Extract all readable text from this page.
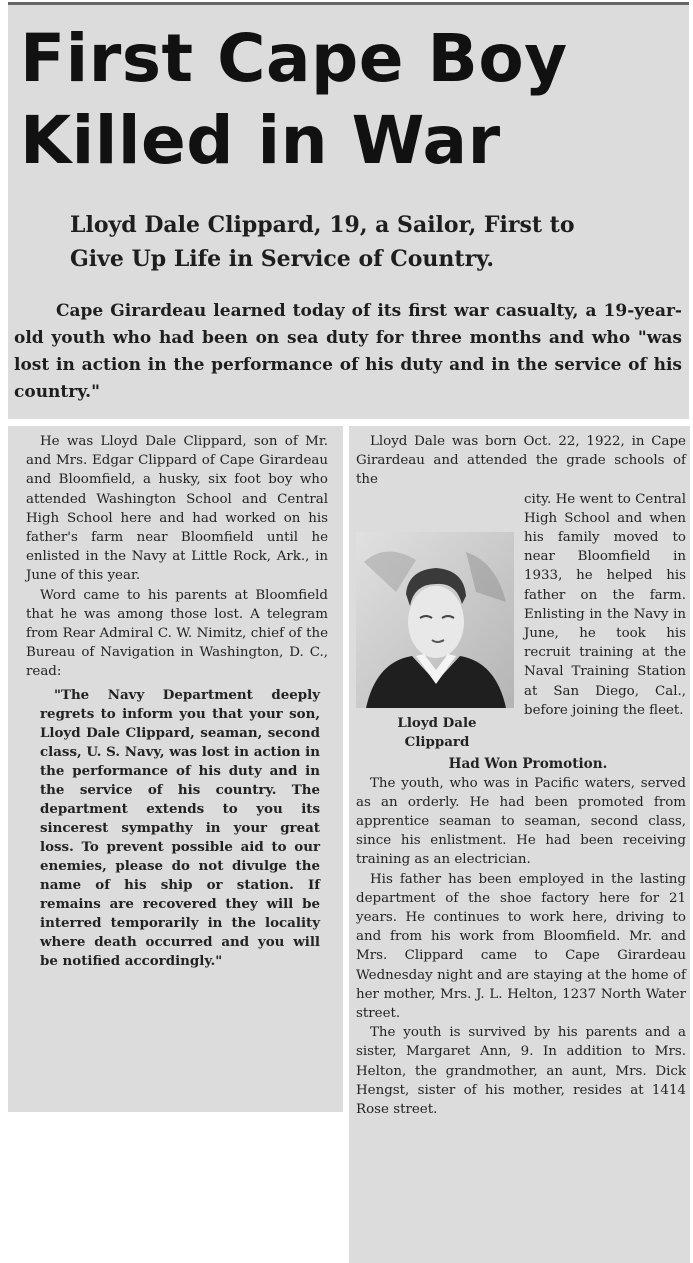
First Cape Boy
Killed in War
Lloyd Dale Clippard, 19, a Sailor, First to Give Up Life in Service of Country.

Cape Girardeau learned today of its first war casualty, a 19-year-old youth who had been on sea duty for three months and who "was lost in action in the performance of his duty and in the service of his country."

He was Lloyd Dale Clippard, son of Mr. and Mrs. Edgar Clippard of Cape Girardeau and Bloomfield, a husky, six foot boy who attended Washington School and Central High School here and had worked on his father's farm near Bloomfield until he enlisted in the Navy at Little Rock, Ark., in June of this year.

Word came to his parents at Bloomfield that he was among those lost. A telegram from Rear Admiral C. W. Nimitz, chief of the Bureau of Navigation in Washington, D. C., read:

"The Navy Department deeply regrets to inform you that your son, Lloyd Dale Clippard, seaman, second class, U. S. Navy, was lost in action in the performance of his duty and in the service of his country. The department extends to you its sincerest sympathy in your great loss. To prevent possible aid to our enemies, please do not divulge the name of his ship or station. If remains are recovered they will be interred temporarily in the locality where death occurred and you will be notified accordingly."

Lloyd Dale was born Oct. 22, 1922, in Cape Girardeau and attended the grade schools of the

Lloyd Dale
Clippard

city. He went to Central High School and when his family moved to near Bloomfield in 1933, he helped his father on the farm. Enlisting in the Navy in June, he took his recruit training at the Naval Training Station at San Diego, Cal., before joining the fleet.

Had Won Promotion.

The youth, who was in Pacific waters, served as an orderly. He had been promoted from apprentice seaman to seaman, second class, since his enlistment. He had been receiving training as an electrician.

His father has been employed in the lasting department of the shoe factory here for 21 years. He continues to work here, driving to and from his work from Bloomfield. Mr. and Mrs. Clippard came to Cape Girardeau Wednesday night and are staying at the home of her mother, Mrs. J. L. Helton, 1237 North Water street.

The youth is survived by his parents and a sister, Margaret Ann, 9. In addition to Mrs. Helton, the grandmother, an aunt, Mrs. Dick Hengst, sister of his mother, resides at 1414 Rose street.
